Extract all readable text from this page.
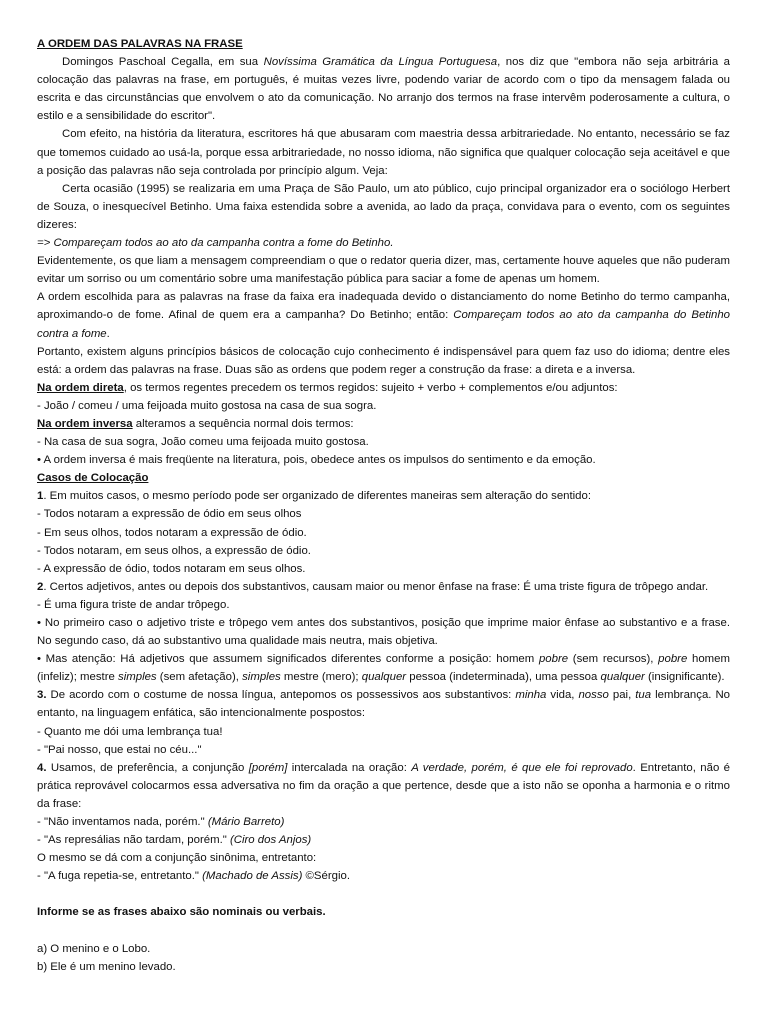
A ORDEM DAS PALAVRAS NA FRASE

Domingos Paschoal Cegalla, em sua Novíssima Gramática da Língua Portuguesa, nos diz que "embora não seja arbitrária a colocação das palavras na frase, em português, é muitas vezes livre, podendo variar de acordo com o tipo da mensagem falada ou escrita e das circunstâncias que envolvem o ato da comunicação. No arranjo dos termos na frase intervêm poderosamente a cultura, o estilo e a sensibilidade do escritor".

Com efeito, na história da literatura, escritores há que abusaram com maestria dessa arbitrariedade. No entanto, necessário se faz que tomemos cuidado ao usá-la, porque essa arbitrariedade, no nosso idioma, não significa que qualquer colocação seja aceitável e que a posição das palavras não seja controlada por princípio algum. Veja:

Certa ocasião (1995) se realizaria em uma Praça de São Paulo, um ato público, cujo principal organizador era o sociólogo Herbert de Souza, o inesquecível Betinho. Uma faixa estendida sobre a avenida, ao lado da praça, convidava para o evento, com os seguintes dizeres:

=> Compareçam todos ao ato da campanha contra a fome do Betinho.

Evidentemente, os que liam a mensagem compreendiam o que o redator queria dizer, mas, certamente houve aqueles que não puderam evitar um sorriso ou um comentário sobre uma manifestação pública para saciar a fome de apenas um homem.

A ordem escolhida para as palavras na frase da faixa era inadequada devido o distanciamento do nome Betinho do termo campanha, aproximando-o de fome. Afinal de quem era a campanha? Do Betinho; então: Compareçam todos ao ato da campanha do Betinho contra a fome.

Portanto, existem alguns princípios básicos de colocação cujo conhecimento é indispensável para quem faz uso do idioma; dentre eles está: a ordem das palavras na frase. Duas são as ordens que podem reger a construção da frase: a direta e a inversa.

Na ordem direta, os termos regentes precedem os termos regidos: sujeito + verbo + complementos e/ou adjuntos:

- João / comeu / uma feijoada muito gostosa na casa de sua sogra.

Na ordem inversa alteramos a sequência normal dois termos:

- Na casa de sua sogra, João comeu uma feijoada muito gostosa.

• A ordem inversa é mais freqüente na literatura, pois, obedece antes os impulsos do sentimento e da emoção.

Casos de Colocação

1. Em muitos casos, o mesmo período pode ser organizado de diferentes maneiras sem alteração do sentido:

- Todos notaram a expressão de ódio em seus olhos

- Em seus olhos, todos notaram a expressão de ódio.

- Todos notaram, em seus olhos, a expressão de ódio.

- A expressão de ódio, todos notaram em seus olhos.

2. Certos adjetivos, antes ou depois dos substantivos, causam maior ou menor ênfase na frase: É uma triste figura de trôpego andar.

- É uma figura triste de andar trôpego.

• No primeiro caso o adjetivo triste e trôpego vem antes dos substantivos, posição que imprime maior ênfase ao substantivo e a frase. No segundo caso, dá ao substantivo uma qualidade mais neutra, mais objetiva.

• Mas atenção: Há adjetivos que assumem significados diferentes conforme a posição: homem pobre (sem recursos), pobre homem (infeliz); mestre simples (sem afetação), simples mestre (mero); qualquer pessoa (indeterminada), uma pessoa qualquer (insignificante).

3. De acordo com o costume de nossa língua, antepomos os possessivos aos substantivos: minha vida, nosso pai, tua lembrança. No entanto, na linguagem enfática, são intencionalmente pospostos:

- Quanto me dói uma lembrança tua!

- "Pai nosso, que estai no céu..."

4. Usamos, de preferência, a conjunção [porém] intercalada na oração: A verdade, porém, é que ele foi reprovado. Entretanto, não é prática reprovável colocarmos essa adversativa no fim da oração a que pertence, desde que a isto não se oponha a harmonia e o ritmo da frase:

- "Não inventamos nada, porém." (Mário Barreto)

- "As represálias não tardam, porém." (Ciro dos Anjos)

O mesmo se dá com a conjunção sinônima, entretanto:

- "A fuga repetia-se, entretanto." (Machado de Assis) ©Sérgio.

Informe se as frases abaixo são nominais ou verbais.

a) O menino e o Lobo.

b) Ele é um menino levado.
